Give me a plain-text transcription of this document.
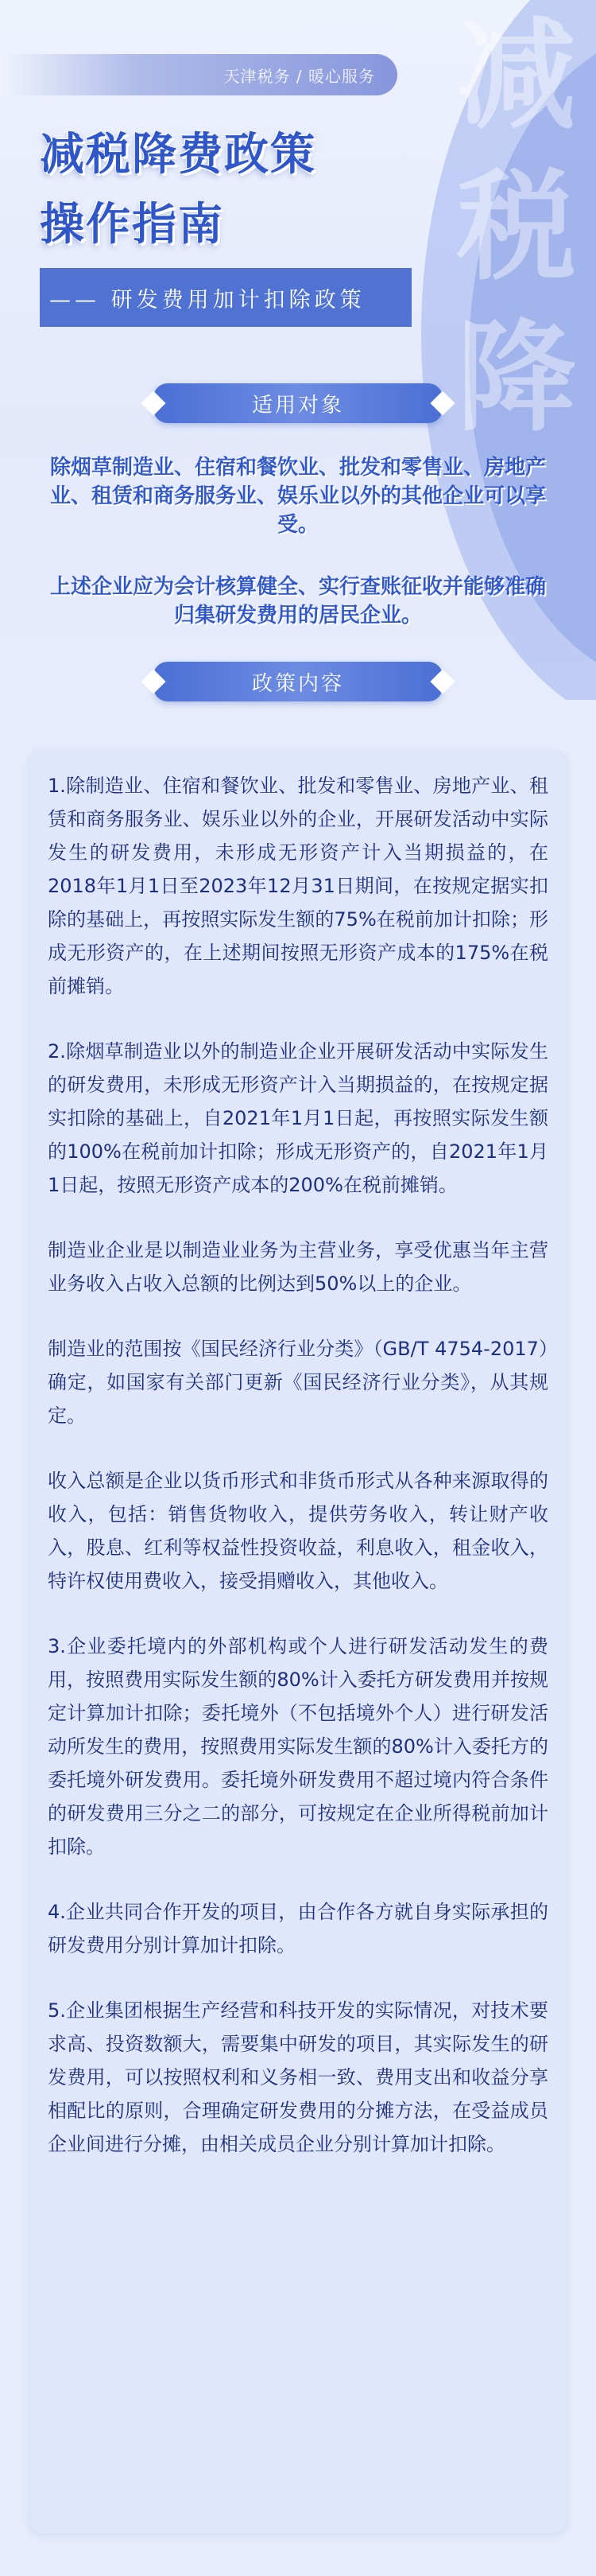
减
税
降
天津税务 / 暖心服务
减税降费政策
操作指南
—— 研发费用加计扣除政策
适用对象
除烟草制造业、住宿和餐饮业、批发和零售业、房地产业、租赁和商务服务业、娱乐业以外的其他企业可以享受。
上述企业应为会计核算健全、实行查账征收并能够准确归集研发费用的居民企业。
政策内容

1.除制造业、住宿和餐饮业、批发和零售业、房地产业、租赁和商务服务业、娱乐业以外的企业，开展研发活动中实际发生的研发费用，未形成无形资产计入当期损益的，在2018年1月1日至2023年12月31日期间，在按规定据实扣除的基础上，再按照实际发生额的75%在税前加计扣除；形成无形资产的，在上述期间按照无形资产成本的175%在税前摊销。

2.除烟草制造业以外的制造业企业开展研发活动中实际发生的研发费用，未形成无形资产计入当期损益的，在按规定据实扣除的基础上，自2021年1月1日起，再按照实际发生额的100%在税前加计扣除；形成无形资产的，自2021年1月1日起，按照无形资产成本的200%在税前摊销。

制造业企业是以制造业业务为主营业务，享受优惠当年主营业务收入占收入总额的比例达到50%以上的企业。

制造业的范围按《国民经济行业分类》（GB/T 4754-2017）确定，如国家有关部门更新《国民经济行业分类》，从其规定。

收入总额是企业以货币形式和非货币形式从各种来源取得的收入，包括：销售货物收入，提供劳务收入，转让财产收入，股息、红利等权益性投资收益，利息收入，租金收入，特许权使用费收入，接受捐赠收入，其他收入。

3.企业委托境内的外部机构或个人进行研发活动发生的费用，按照费用实际发生额的80%计入委托方研发费用并按规定计算加计扣除；委托境外（不包括境外个人）进行研发活动所发生的费用，按照费用实际发生额的80%计入委托方的委托境外研发费用。委托境外研发费用不超过境内符合条件的研发费用三分之二的部分，可按规定在企业所得税前加计扣除。

4.企业共同合作开发的项目，由合作各方就自身实际承担的研发费用分别计算加计扣除。

5.企业集团根据生产经营和科技开发的实际情况，对技术要求高、投资数额大，需要集中研发的项目，其实际发生的研发费用，可以按照权利和义务相一致、费用支出和收益分享相配比的原则，合理确定研发费用的分摊方法，在受益成员企业间进行分摊，由相关成员企业分别计算加计扣除。
